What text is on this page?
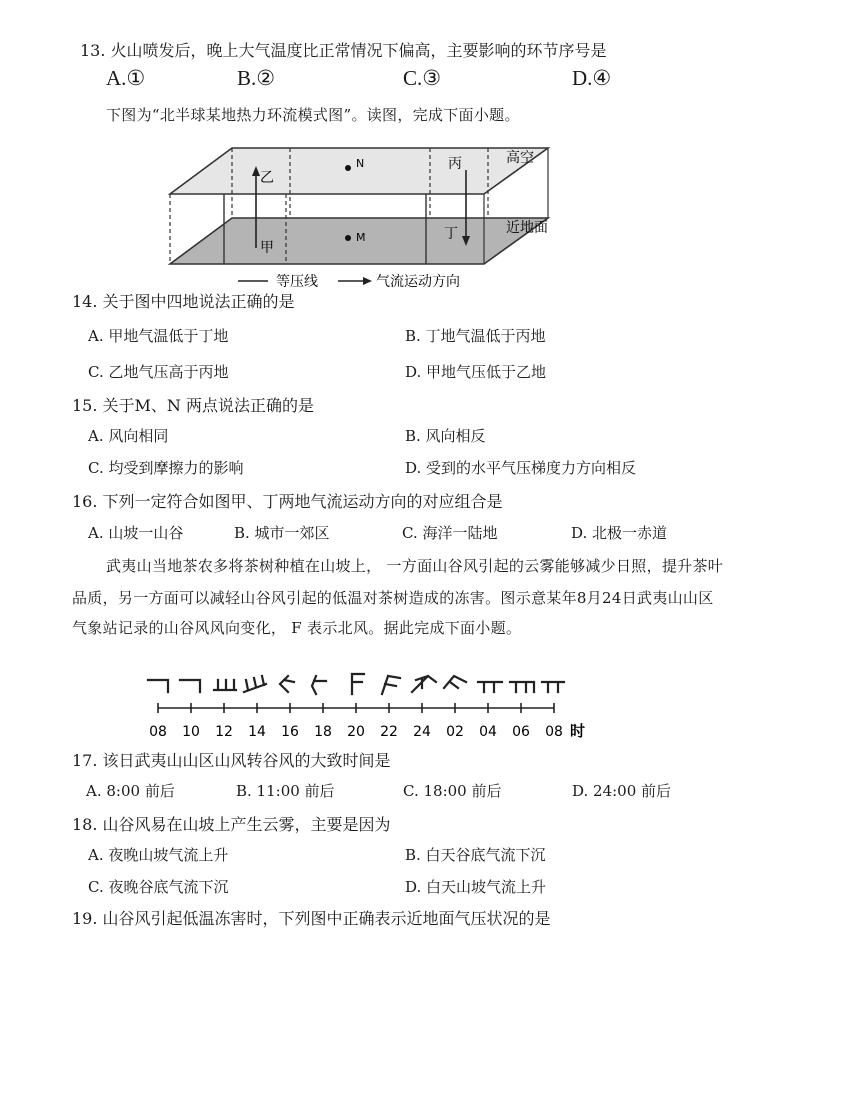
13. 火山喷发后，晚上大气温度比正常情况下偏高，主要影响的环节序号是
A.①	B.②	C.③	D.④
下图为“北半球某地热力环流模式图”。读图，完成下面小题。
N
M
乙
甲
丙
丁
高空
近地面
等压线	气流运动方向
14. 关于图中四地说法正确的是
A. 甲地气温低于丁地	B. 丁地气温低于丙地
C. 乙地气压高于丙地	D. 甲地气压低于乙地
15. 关于M、N 两点说法正确的是
A. 风向相同	B. 风向相反
C. 均受到摩擦力的影响	D. 受到的水平气压梯度力方向相反
16. 下列一定符合如图甲、丁两地气流运动方向的对应组合是
A. 山坡一山谷	B. 城市一郊区	C. 海洋一陆地	D. 北极一赤道
武夷山当地茶农多将茶树种植在山坡上， 一方面山谷风引起的云雾能够减少日照，提升茶叶
品质，另一方面可以减轻山谷风引起的低温对茶树造成的冻害。图示意某年8月24日武夷山山区
气象站记录的山谷风风向变化， F 表示北风。据此完成下面小题。
08 10 12 14 16 18 20 22 24 02 04 06 08 时
17. 该日武夷山山区山风转谷风的大致时间是
A. 8:00 前后	B. 11:00 前后	C. 18:00 前后	D. 24:00 前后
18. 山谷风易在山坡上产生云雾，主要是因为
A. 夜晚山坡气流上升	B. 白天谷底气流下沉
C. 夜晚谷底气流下沉	D. 白天山坡气流上升
19. 山谷风引起低温冻害时，下列图中正确表示近地面气压状况的是
